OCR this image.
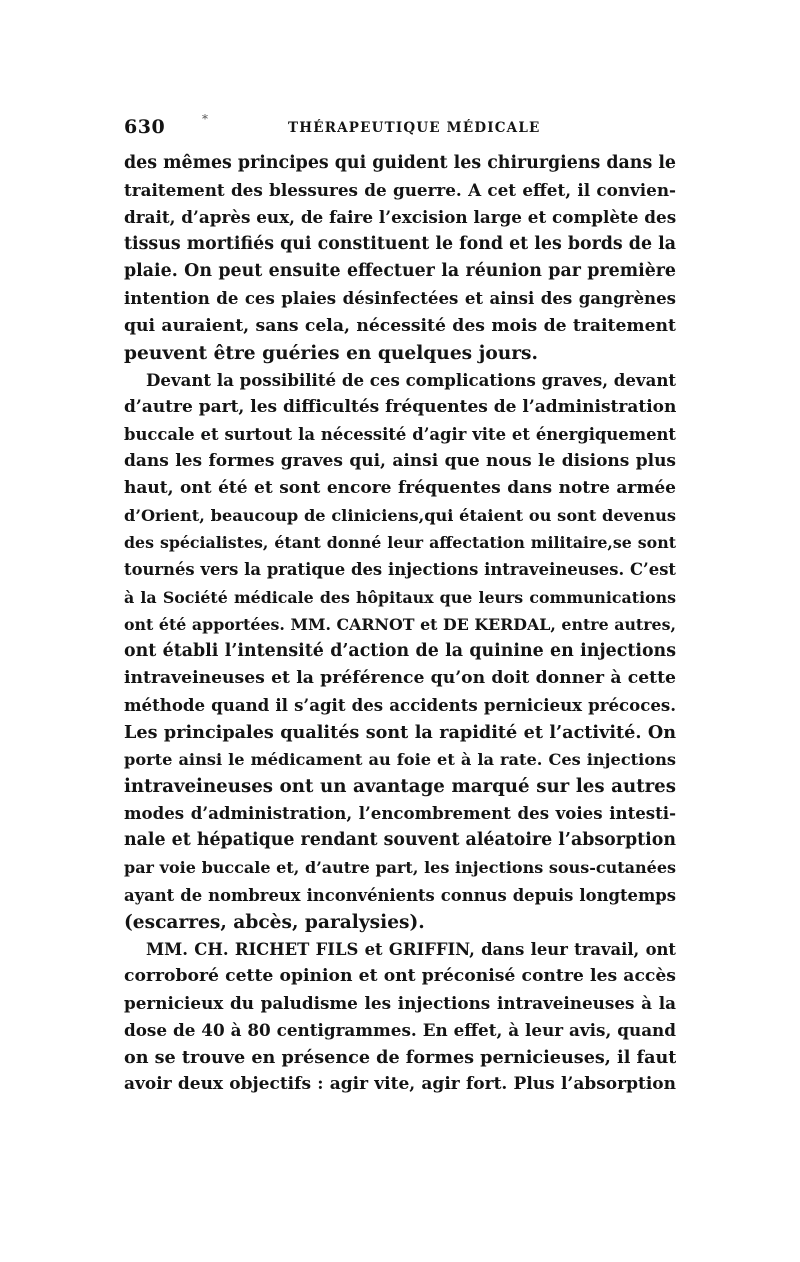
630	*
THÉRAPEUTIQUE MÉDICALE
des mêmes principes qui guident les chirurgiens dans le
traitement des blessures de guerre. A cet effet, il convien-
drait, d’après eux, de faire l’excision large et complète des
tissus mortifiés qui constituent le fond et les bords de la
plaie. On peut ensuite effectuer la réunion par première
intention de ces plaies désinfectées et ainsi des gangrènes
qui auraient, sans cela, nécessité des mois de traitement
peuvent être guéries en quelques jours.
Devant la possibilité de ces complications graves, devant
d’autre part, les difficultés fréquentes de l’administration
buccale et surtout la nécessité d’agir vite et énergiquement
dans les formes graves qui, ainsi que nous le disions plus
haut, ont été et sont encore fréquentes dans notre armée
d’Orient, beaucoup de cliniciens,qui étaient ou sont devenus
des spécialistes, étant donné leur affectation militaire,se sont
tournés vers la pratique des injections intraveineuses. C’est
à la Société médicale des hôpitaux que leurs communications
ont été apportées. MM. CARNOT et DE KERDAL, entre autres,
ont établi l’intensité d’action de la quinine en injections
intraveineuses et la préférence qu’on doit donner à cette
méthode quand il s’agit des accidents pernicieux précoces.
Les principales qualités sont la rapidité et l’activité. On
porte ainsi le médicament au foie et à la rate. Ces injections
intraveineuses ont un avantage marqué sur les autres
modes d’administration, l’encombrement des voies intesti-
nale et hépatique rendant souvent aléatoire l’absorption
par voie buccale et, d’autre part, les injections sous-cutanées
ayant de nombreux inconvénients connus depuis longtemps
(escarres, abcès, paralysies).
MM. CH. RICHET FILS et GRIFFIN, dans leur travail, ont
corroboré cette opinion et ont préconisé contre les accès
pernicieux du paludisme les injections intraveineuses à la
dose de 40 à 80 centigrammes. En effet, à leur avis, quand
on se trouve en présence de formes pernicieuses, il faut
avoir deux objectifs : agir vite, agir fort. Plus l’absorption
